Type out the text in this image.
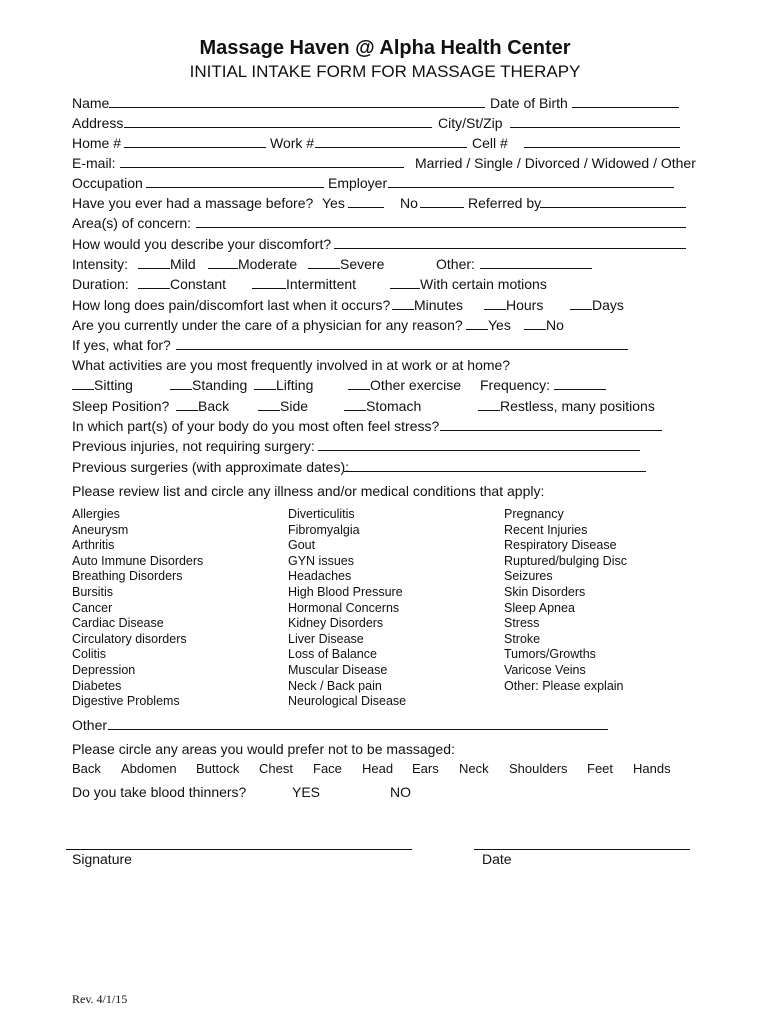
Massage Haven @ Alpha Health Center
INITIAL INTAKE FORM FOR MASSAGE THERAPY

Name

	Date of Birth

Address

	City/St/Zip

Home #

	Work #

	Cell #

E-mail:

	Married / Single / Divorced / Widowed / Other

Occupation

	Employer

Have you ever had a massage before?

Yes

	No

	Referred by

Area(s) of concern:

How would you describe your discomfort?

Intensity:

	Mild

	Moderate

	Severe

	Other:

Duration:

	Constant

	Intermittent

	With certain motions

How long does pain/discomfort last when it occurs?

Minutes

	Hours

	Days

Are you currently under the care of a physician for any reason?

Yes

	No

If yes, what for?

What activities are you most frequently involved in at work or at home?

Sitting

	Standing

Lifting

	Other exercise

Frequency:

Sleep Position?

Back

	Side

	Stomach

	Restless, many positions

In which part(s) of your body do you most often feel stress?

Previous injuries, not requiring surgery:

Previous surgeries (with approximate dates):

Please review list and circle any illness and/or medical conditions that apply:
Allergies
Aneurysm
Arthritis
Auto Immune Disorders
Breathing Disorders
Bursitis
Cancer
Cardiac Disease
Circulatory disorders
Colitis
Depression
Diabetes
Digestive Problems
Diverticulitis
Fibromyalgia
Gout
GYN issues
Headaches
High Blood Pressure
Hormonal Concerns
Kidney Disorders
Liver Disease
Loss of Balance
Muscular Disease
Neck / Back pain
Neurological Disease
Pregnancy
Recent Injuries
Respiratory Disease
Ruptured/bulging Disc
Seizures
Skin Disorders
Sleep Apnea
Stress
Stroke
Tumors/Growths
Varicose Veins
Other: Please explain

Other

Please circle any areas you would prefer not to be massaged:
Back Abdomen Buttock Chest Face Head Ears Neck Shoulders Feet Hands

Do you take blood thinners?

	YES

	NO

Signature	Date
Rev. 4/1/15
